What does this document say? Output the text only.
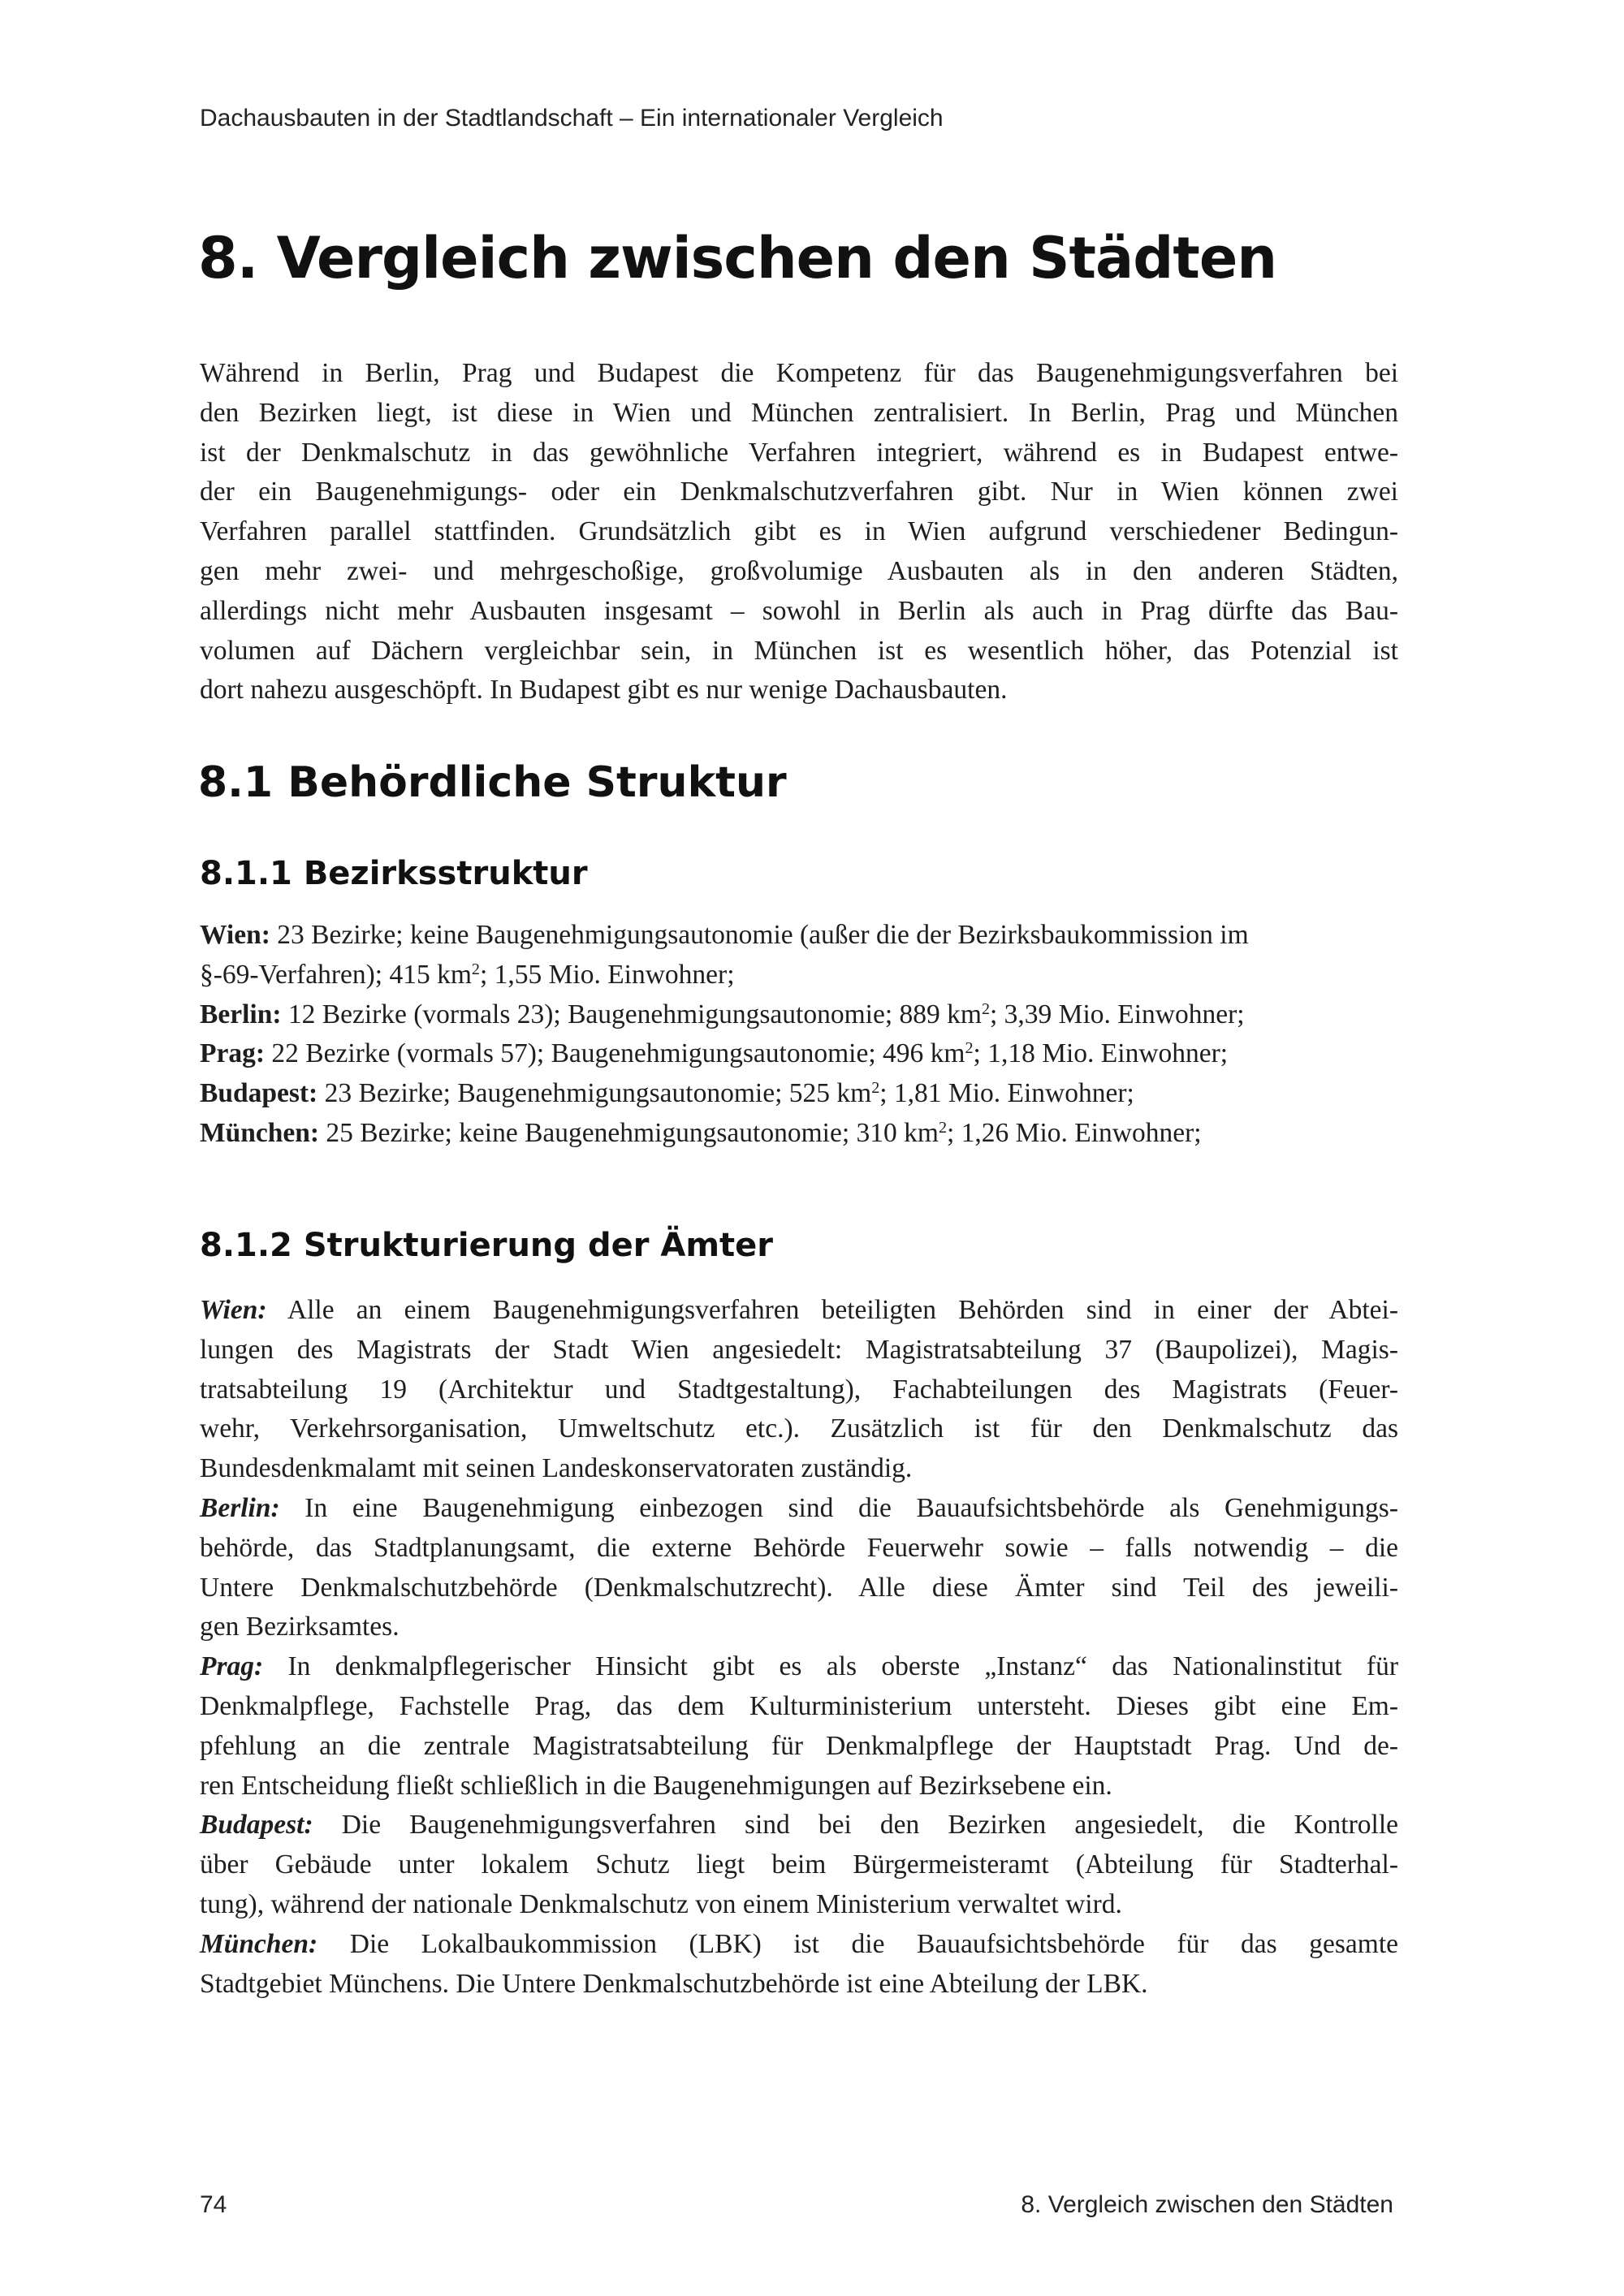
Dachausbauten in der Stadtlandschaft – Ein internationaler Vergleich
8. Vergleich zwischen den Städten
Während in Berlin, Prag und Budapest die Kompetenz für das Baugenehmigungsverfahren bei
den Bezirken liegt, ist diese in Wien und München zentralisiert. In Berlin, Prag und München
ist der Denkmalschutz in das gewöhnliche Verfahren integriert, während es in Budapest entwe-
der ein Baugenehmigungs- oder ein Denkmalschutzverfahren gibt. Nur in Wien können zwei
Verfahren parallel stattfinden. Grundsätzlich gibt es in Wien aufgrund verschiedener Bedingun-
gen mehr zwei- und mehrgeschoßige, großvolumige Ausbauten als in den anderen Städten,
allerdings nicht mehr Ausbauten insgesamt – sowohl in Berlin als auch in Prag dürfte das Bau-
volumen auf Dächern vergleichbar sein, in München ist es wesentlich höher, das Potenzial ist
dort nahezu ausgeschöpft. In Budapest gibt es nur wenige Dachausbauten.
8.1 Behördliche Struktur
8.1.1 Bezirksstruktur
Wien: 23 Bezirke; keine Baugenehmigungsautonomie (außer die der Bezirksbaukommission im
§-69-Verfahren); 415 $km^2$; 1,55 Mio. Einwohner;
Berlin: 12 Bezirke (vormals 23); Baugenehmigungsautonomie; 889 $km^2$; 3,39 Mio. Einwohner;
Prag: 22 Bezirke (vormals 57); Baugenehmigungsautonomie; 496 $km^2$; 1,18 Mio. Einwohner;
Budapest: 23 Bezirke; Baugenehmigungsautonomie; 525 $km^2$; 1,81 Mio. Einwohner;
München: 25 Bezirke; keine Baugenehmigungsautonomie; 310 $km^2$; 1,26 Mio. Einwohner;
8.1.2 Strukturierung der Ämter
Wien: Alle an einem Baugenehmigungsverfahren beteiligten Behörden sind in einer der Abtei-
lungen des Magistrats der Stadt Wien angesiedelt: Magistratsabteilung 37 (Baupolizei), Magis-
tratsabteilung 19 (Architektur und Stadtgestaltung), Fachabteilungen des Magistrats (Feuer-
wehr, Verkehrsorganisation, Umweltschutz etc.). Zusätzlich ist für den Denkmalschutz das
Bundesdenkmalamt mit seinen Landeskonservatoraten zuständig.
Berlin: In eine Baugenehmigung einbezogen sind die Bauaufsichtsbehörde als Genehmigungs-
behörde, das Stadtplanungsamt, die externe Behörde Feuerwehr sowie – falls notwendig – die
Untere Denkmalschutzbehörde (Denkmalschutzrecht). Alle diese Ämter sind Teil des jeweili-
gen Bezirksamtes.
Prag: In denkmalpflegerischer Hinsicht gibt es als oberste „Instanz“ das Nationalinstitut für
Denkmalpflege, Fachstelle Prag, das dem Kulturministerium untersteht. Dieses gibt eine Em-
pfehlung an die zentrale Magistratsabteilung für Denkmalpflege der Hauptstadt Prag. Und de-
ren Entscheidung fließt schließlich in die Baugenehmigungen auf Bezirksebene ein.
Budapest: Die Baugenehmigungsverfahren sind bei den Bezirken angesiedelt, die Kontrolle
über Gebäude unter lokalem Schutz liegt beim Bürgermeisteramt (Abteilung für Stadterhal-
tung), während der nationale Denkmalschutz von einem Ministerium verwaltet wird.
München: Die Lokalbaukommission (LBK) ist die Bauaufsichtsbehörde für das gesamte
Stadtgebiet Münchens. Die Untere Denkmalschutzbehörde ist eine Abteilung der LBK.
74	8. Vergleich zwischen den Städten
